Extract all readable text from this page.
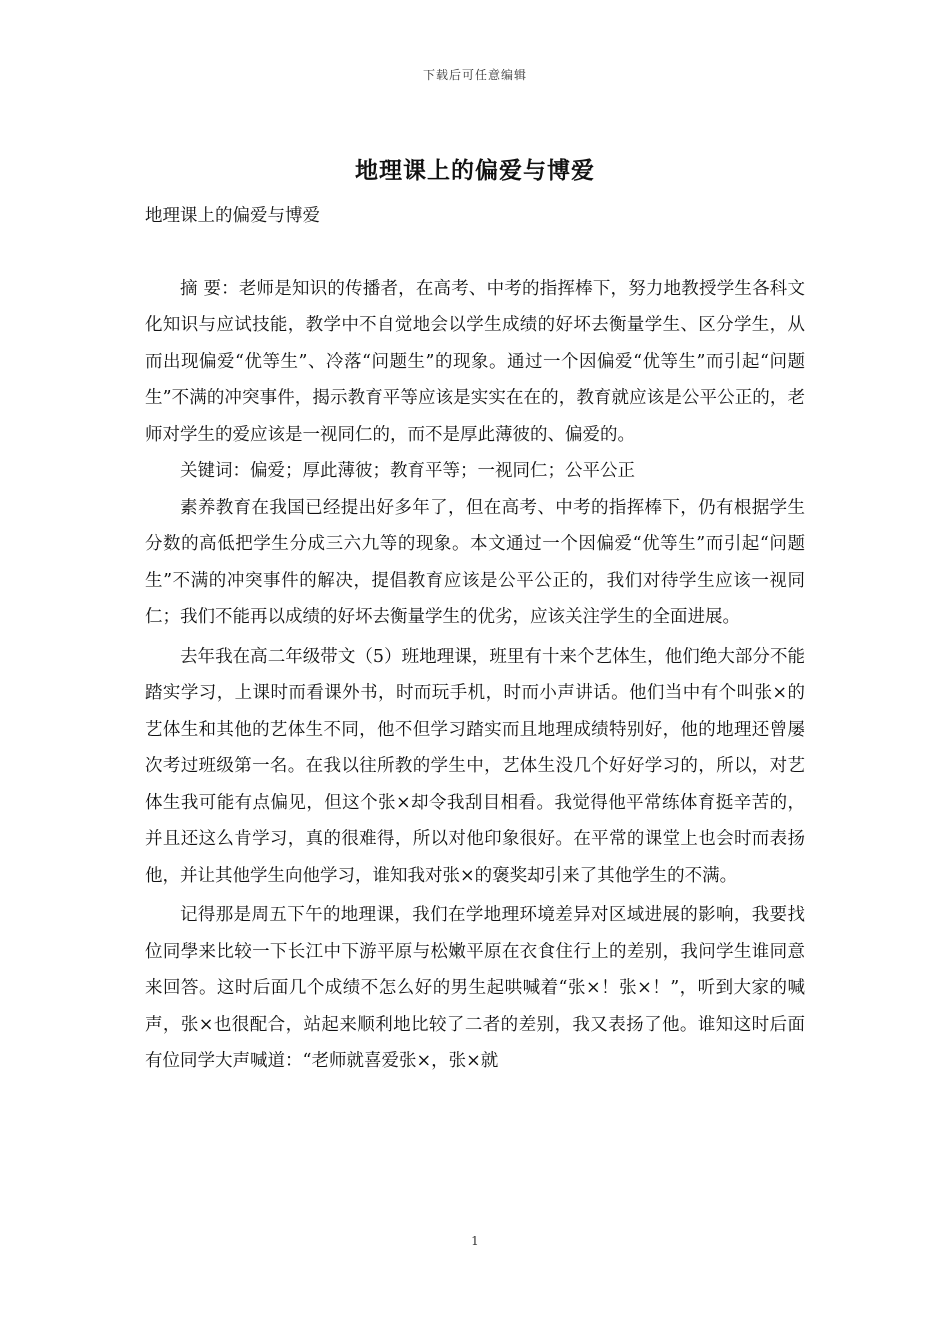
下载后可任意编辑
地理课上的偏爱与博爱

地理课上的偏爱与博爱

摘 要：老师是知识的传播者，在高考、中考的指挥棒下，努力地教授学生各科文化知识与应试技能，教学中不自觉地会以学生成绩的好坏去衡量学生、区分学生，从而出现偏爱“优等生”、冷落“问题生”的现象。通过一个因偏爱“优等生”而引起“问题生”不满的冲突事件，揭示教育平等应该是实实在在的，教育就应该是公平公正的，老师对学生的爱应该是一视同仁的，而不是厚此薄彼的、偏爱的。

关键词：偏爱；厚此薄彼；教育平等；一视同仁；公平公正

素养教育在我国已经提出好多年了，但在高考、中考的指挥棒下，仍有根据学生分数的高低把学生分成三六九等的现象。本文通过一个因偏爱“优等生”而引起“问题生”不满的冲突事件的解决，提倡教育应该是公平公正的，我们对待学生应该一视同仁；我们不能再以成绩的好坏去衡量学生的优劣，应该关注学生的全面进展。

去年我在高二年级带文（5）班地理课，班里有十来个艺体生，他们绝大部分不能踏实学习，上课时而看课外书，时而玩手机，时而小声讲话。他们当中有个叫张×的艺体生和其他的艺体生不同，他不但学习踏实而且地理成绩特别好，他的地理还曾屡次考过班级第一名。在我以往所教的学生中，艺体生没几个好好学习的，所以，对艺体生我可能有点偏见，但这个张×却令我刮目相看。我觉得他平常练体育挺辛苦的，并且还这么肯学习，真的很难得，所以对他印象很好。在平常的课堂上也会时而表扬他，并让其他学生向他学习，谁知我对张×的褒奖却引来了其他学生的不满。

记得那是周五下午的地理课，我们在学地理环境差异对区域进展的影响，我要找位同學来比较一下长江中下游平原与松嫩平原在衣食住行上的差别，我问学生谁同意来回答。这时后面几个成绩不怎么好的男生起哄喊着“张×！张×！”，听到大家的喊声，张×也很配合，站起来顺利地比较了二者的差别，我又表扬了他。谁知这时后面有位同学大声喊道：“老师就喜爱张×，张×就

1
